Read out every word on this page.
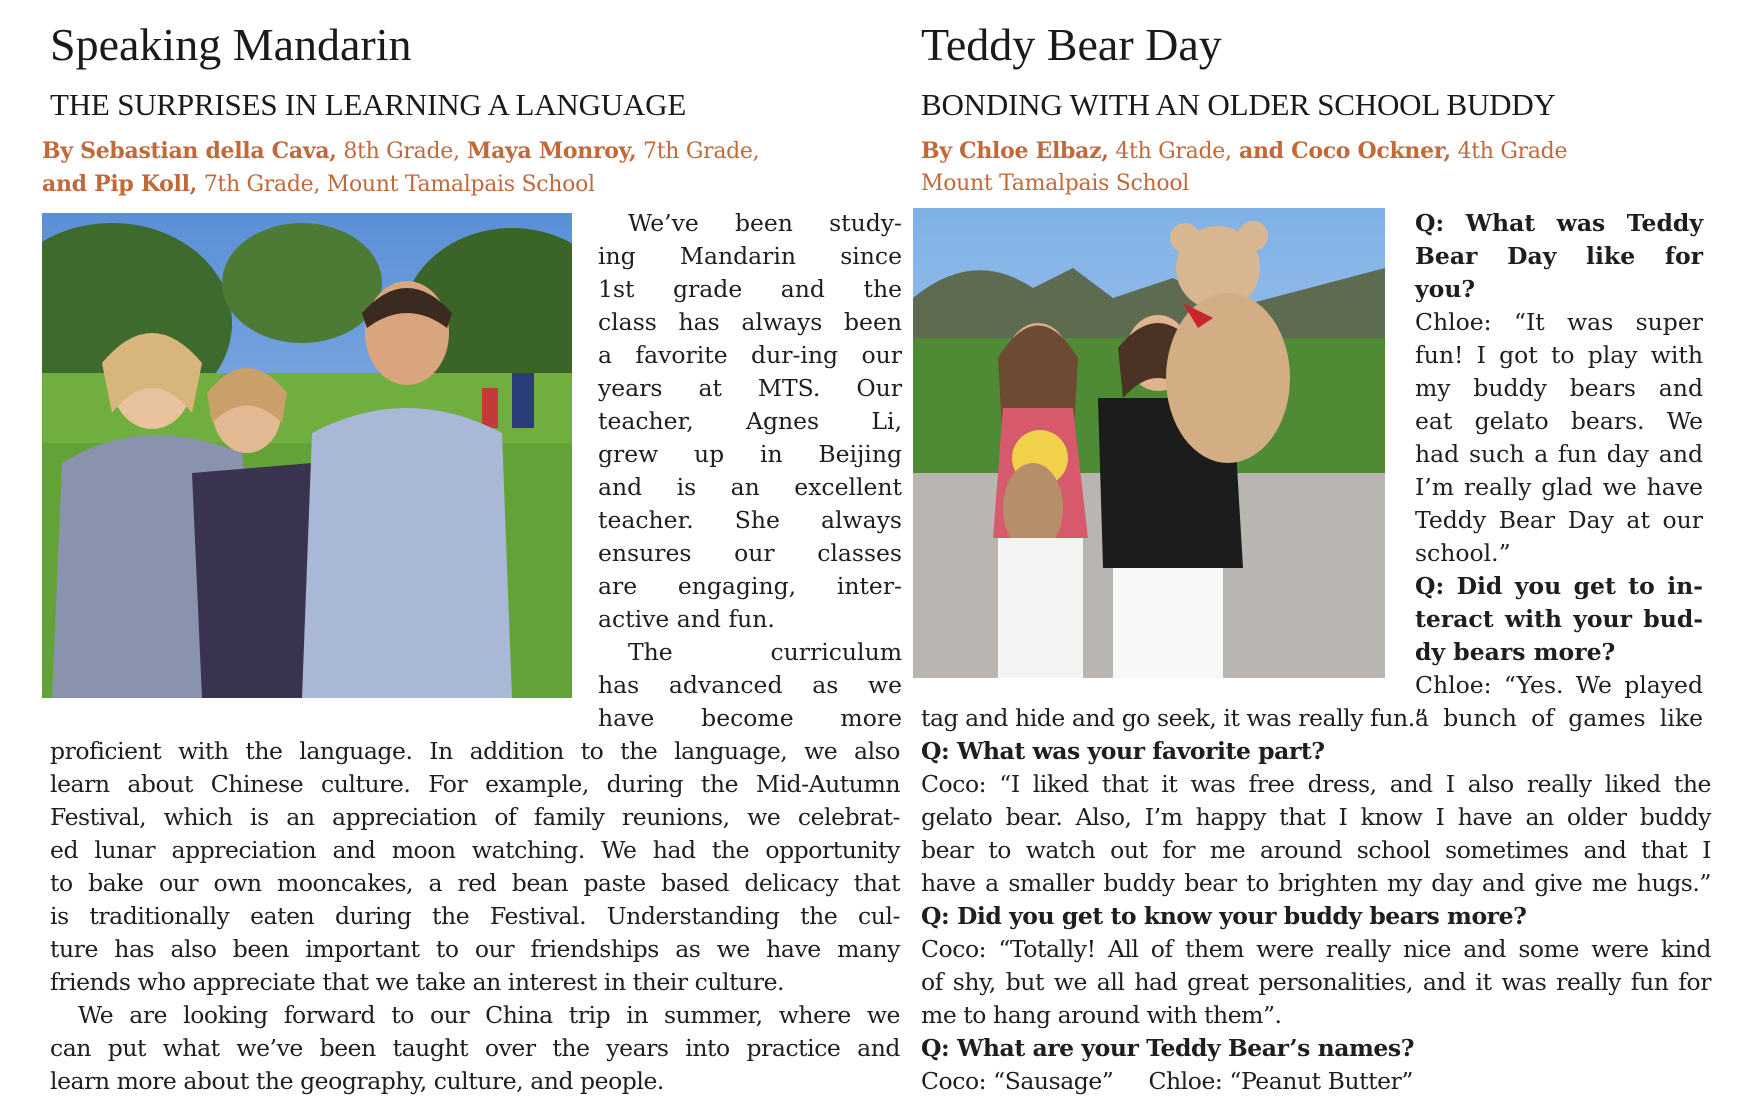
Speaking Mandarin
THE SURPRISES IN LEARNING A LANGUAGE

By Sebastian della Cava, 8th Grade, Maya Monroy, 7th Grade,
and Pip Koll, 7th Grade, Mount Tamalpais School

We’ve been study-

ing Mandarin since

1st grade and the

class has always been

a favorite dur-ing our

years at MTS. Our

teacher, Agnes Li,

grew up in Beijing

and is an excellent

teacher. She always

ensures our classes

are engaging, inter-

active and fun.

The curriculum

has advanced as we

have become more

proficient with the language. In addition to the language, we also

learn about Chinese culture. For example, during the Mid-Autumn

Festival, which is an appreciation of family reunions, we celebrat-

ed lunar appreciation and moon watching. We had the opportunity

to bake our own mooncakes, a red bean paste based delicacy that

is traditionally eaten during the Festival. Understanding the cul-

ture has also been important to our friendships as we have many

friends who appreciate that we take an interest in their culture.

We are looking forward to our China trip in summer, where we

can put what we’ve been taught over the years into practice and

learn more about the geography, culture, and people.

Teddy Bear Day
BONDING WITH AN OLDER SCHOOL BUDDY

By Chloe Elbaz, 4th Grade, and Coco Ockner, 4th Grade
Mount Tamalpais School

Q: What was Teddy

Bear Day like for you?

Chloe: “It was super

fun! I got to play with

my buddy bears and

eat gelato bears. We

had such a fun day and

I’m really glad we have

Teddy Bear Day at our

school.”

Q: Did you get to in-

teract with your bud-

dy bears more?

Chloe: “Yes. We played

a bunch of games like

tag and hide and go seek, it was really fun.”

Q: What was your favorite part?

Coco: “I liked that it was free dress, and I also really liked the

gelato bear. Also, I’m happy that I know I have an older buddy

bear to watch out for me around school sometimes and that I

have a smaller buddy bear to brighten my day and give me hugs.”

Q: Did you get to know your buddy bears more?

Coco: “Totally! All of them were really nice and some were kind

of shy, but we all had great personalities, and it was really fun for

me to hang around with them”.

Q: What are your Teddy Bear’s names?

Coco: “Sausage”     Chloe: “Peanut Butter”
